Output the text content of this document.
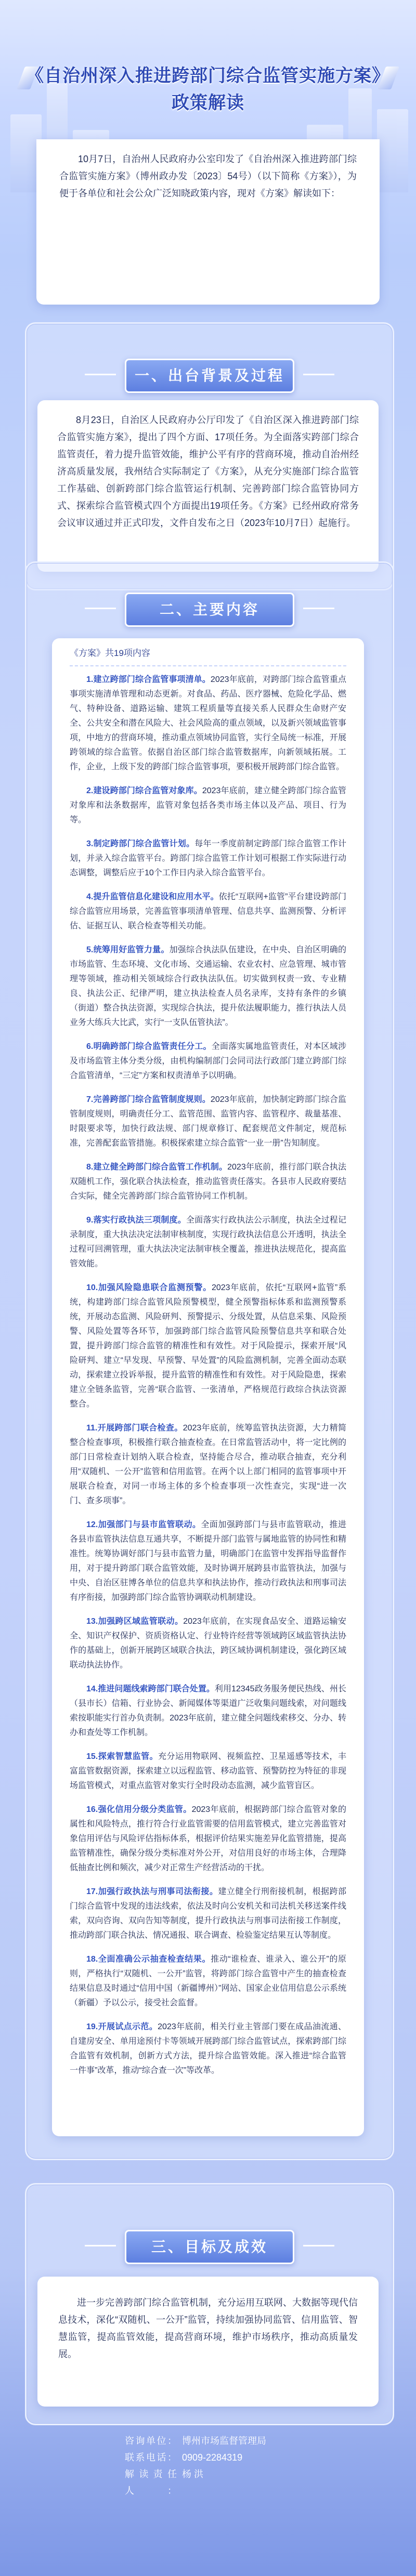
《自治州深入推进跨部门综合监管实施方案》政策解读

10月7日，自治州人民政府办公室印发了《自治州深入推进跨部门综合监管实施方案》（博州政办发〔2023〕54号）（以下简称《方案》），为便于各单位和社会公众广泛知晓政策内容，现对《方案》解读如下：

一、出台背景及过程

8月23日，自治区人民政府办公厅印发了《自治区深入推进跨部门综合监管实施方案》，提出了四个方面、17项任务。为全面落实跨部门综合监管责任，着力提升监管效能，维护公平有序的营商环境，推动自治州经济高质量发展，我州结合实际制定了《方案》，从充分实施部门综合监管工作基础、创新跨部门综合监管运行机制、完善跨部门综合监管协同方式、探索综合监管模式四个方面提出19项任务。《方案》已经州政府常务会议审议通过并正式印发，文件自发布之日（2023年10月7日）起施行。

二、主要内容
《方案》共19项内容

1.建立跨部门综合监管事项清单。2023年底前，对跨部门综合监管重点事项实施清单管理和动态更新。对食品、药品、医疗器械、危险化学品、燃气、特种设备、道路运输、建筑工程质量等直接关系人民群众生命财产安全、公共安全和潜在风险大、社会风险高的重点领域，以及新兴领域监管事项，中地方的营商环境，推动重点领域协同监管，实行全局统一标准，开展跨领域的综合监管。依据自治区部门综合监管数据库，向新领域拓展。工作，企业，上级下发的跨部门综合监管事项，要积极开展跨部门综合监管。

2.建设跨部门综合监管对象库。2023年底前，建立健全跨部门综合监管对象库和法条数据库，监管对象包括各类市场主体以及产品、项目、行为等。

3.制定跨部门综合监管计划。每年一季度前制定跨部门综合监管工作计划，并录入综合监管平台。跨部门综合监管工作计划可根据工作实际进行动态调整，调整后应于10个工作日内录入综合监管平台。

4.提升监管信息化建设和应用水平。依托“互联网+监管”平台建设跨部门综合监管应用场景，完善监管事项清单管理、信息共享、监测预警、分析评估、证据互认、联合检查等相关功能。

5.统筹用好监管力量。加强综合执法队伍建设，在中央、自治区明确的市场监管、生态环境、文化市场、交通运输、农业农村、应急管理、城市管理等领域，推动相关领域综合行政执法队伍。切实做到权责一致、专业精良、执法公正、纪律严明，建立执法检查人员名录库，支持有条件的乡镇（街道）整合执法资源，实现综合执法，提升依法履职能力，推行执法人员业务大练兵大比武，实行“一支队伍管执法”。

6.明确跨部门综合监管责任分工。全面落实属地监管责任，对本区域涉及市场监管主体分类分级，由机构编制部门会同司法行政部门建立跨部门综合监管清单，“三定”方案和权责清单予以明确。

7.完善跨部门综合监管制度规则。2023年底前，加快制定跨部门综合监管制度规则，明确责任分工、监管范围、监管内容、监管程序、裁量基准、时限要求等，加快行政法规、部门规章修订、配套规范文件制定，规范标准，完善配套监管措施。积极探索建立综合监管“一业一册”告知制度。

8.建立健全跨部门综合监管工作机制。2023年底前，推行部门联合执法双随机工作，强化联合执法检查，推动监管责任落实。各县市人民政府要结合实际，健全完善跨部门综合监管协同工作机制。

9.落实行政执法三项制度。全面落实行政执法公示制度，执法全过程记录制度，重大执法决定法制审核制度，实现行政执法信息公开透明，执法全过程可回溯管理，重大执法决定法制审核全覆盖，推进执法规范化，提高监管效能。

10.加强风险隐患联合监测预警。2023年底前，依托“互联网+监管”系统，构建跨部门综合监管风险预警模型，健全预警指标体系和监测预警系统，开展动态监测、风险研判、预警提示、分级处置，从信息采集、风险预警、风险处置等各环节，加强跨部门综合监管风险预警信息共享和联合处置，提升跨部门综合监管的精准性和有效性。对于风险提示，探索开展“风险研判、建立“早发现、早预警、早处置”的风险监测机制，完善全面动态联动，探索建立投诉举报，提升监管的精准性和有效性。对于风险隐患，探索建立全链条监管，完善“联合监管、一张清单，严格规范行政综合执法资源整合。

11.开展跨部门联合检查。2023年底前，统筹监管执法资源，大力精简整合检查事项，积极推行联合抽查检查。在日常监管活动中，将一定比例的部门日常检查计划纳入联合检查，坚持能合尽合，推动联合抽查，充分利用“双随机、一公开”监管和信用监管。在两个以上部门相同的监管事项中开展联合检查，对同一市场主体的多个检查事项一次性查完，实现“进一次门、查多项事”。

12.加强部门与县市监管联动。全面加强跨部门与县市监管联动，推进各县市监管执法信息互通共享，不断提升部门监管与属地监管的协同性和精准性。统筹协调好部门与县市监管力量，明确部门在监管中发挥指导监督作用，对于提升跨部门联合监管效能，及时协调开展跨县市监管执法，加强与中央、自治区驻博各单位的信息共享和执法协作，推动行政执法和刑事司法有序衔接，加强跨部门综合监管协调联动机制建设。

13.加强跨区域监管联动。2023年底前，在实现食品安全、道路运输安全、知识产权保护、资质资格认定、行业特许经营等领域跨区域监管执法协作的基础上，创新开展跨区域联合执法，跨区域协调机制建设，强化跨区域联动执法协作。

14.推进问题线索跨部门联合处置。利用12345政务服务便民热线、州长（县市长）信箱、行业协会、新闻媒体等渠道广泛收集问题线索，对问题线索按职能实行首办负责制。2023年底前，建立健全问题线索移交、分办、转办和查处等工作机制。

15.探索智慧监管。充分运用物联网、视频监控、卫星遥感等技术，丰富监管数据资源，探索建立以远程监管、移动监管、预警防控为特征的非现场监管模式，对重点监管对象实行全时段动态监测，减少监管盲区。

16.强化信用分级分类监管。2023年底前，根据跨部门综合监管对象的属性和风险特点，推行符合行业监管需要的信用监管模式，建立完善监管对象信用评估与风险评估指标体系，根据评价结果实施差异化监管措施，提高监管精准性，确保分级分类标准对外公开，对信用良好的市场主体，合理降低抽查比例和频次，减少对正常生产经营活动的干扰。

17.加强行政执法与刑事司法衔接。建立健全行刑衔接机制，根据跨部门综合监管中发现的违法线索，依法及时向公安机关和司法机关移送案件线索，双向咨询、双向告知等制度，提升行政执法与刑事司法衔接工作制度，推动跨部门联合执法、情况通报、联合调查、检验鉴定结果互认等制度。

18.全面准确公示抽查检查结果。推动“谁检查、谁录入、谁公开”的原则，严格执行“双随机、一公开”监管，将跨部门综合监管中产生的抽查检查结果信息及时通过“信用中国（新疆博州）”网站、国家企业信用信息公示系统（新疆）予以公示，接受社会监督。

19.开展试点示范。2023年底前，相关行业主管部门要在成品油流通、自建房安全、单用途预付卡等领域开展跨部门综合监管试点，探索跨部门综合监管有效机制，创新方式方法，提升综合监管效能。深入推进“综合监管一件事”改革，推动“综合查一次”等改革。

三、目标及成效

进一步完善跨部门综合监管机制，充分运用互联网、大数据等现代信息技术，深化“双随机、一公开”监管，持续加强协同监管、信用监管、智慧监管，提高监管效能，提高营商环境，维护市场秩序，推动高质量发展。

咨询单位： 博州市场监督管理局
联系电话： 0909-2284319
解读责任人：
杨 洪
